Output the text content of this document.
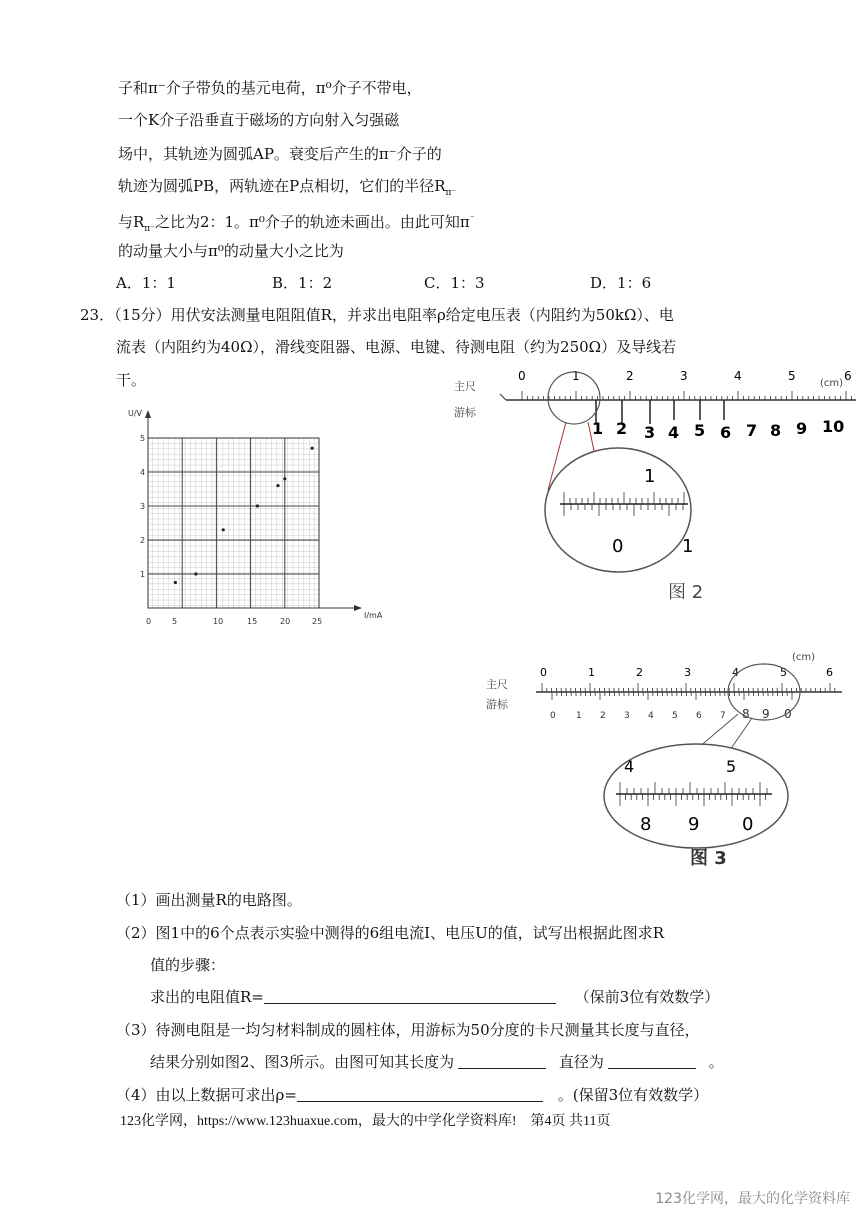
子和π⁻介子带负的基元电荷，π⁰介子不带电，
一个K介子沿垂直于磁场的方向射入匀强磁
场中，其轨迹为圆弧AP。衰变后产生的π⁻介子的
轨迹为圆弧PB，两轨迹在P点相切，它们的半径$R_{\pi^-}$
与$R_{\pi^-}$之比为2：1。π⁰介子的轨迹未画出。由此可知π⁻
的动量大小与π⁰的动量大小之比为
A．1：1	B．1：2	C．1：3	D．1：6
23．（15分）用伏安法测量电阻阻值R，并求出电阻率ρ给定电压表（内阻约为50kΩ）、电
流表（内阻约为40Ω），滑线变阻器、电源、电键、待测电阻（约为250Ω）及导线若
干。
U/V
I/mA
1
2
3
4
5
0	5	10	15	20	25
(cm)
主尺
游标
0	1	2	3	4	5	6
1 2 3 4 5 6 7 8 9 10
1
0	1
图 2
(cm)
主尺
游标
0	1	2	3	4	5	6
0 1 2 3 4 5 6 7 8 9 0
4	5
8 9 0
图 3
（1）画出测量R的电路图。
（2）图1中的6个点表示实验中测得的6组电流I、电压U的值，试写出根据此图求R
值的步骤：
求出的电阻值R=	（保前3位有效数学）
（3）待测电阻是一均匀材料制成的圆柱体，用游标为50分度的卡尺测量其长度与直径，
结果分别如图2、图3所示。由图可知其长度为	直径为	。
（4）由以上数据可求出ρ=	。(保留3位有效数学）
123化学网，https://www.123huaxue.com，最大的中学化学资料库!　第4页 共11页
123化学网，最大的化学资料库
